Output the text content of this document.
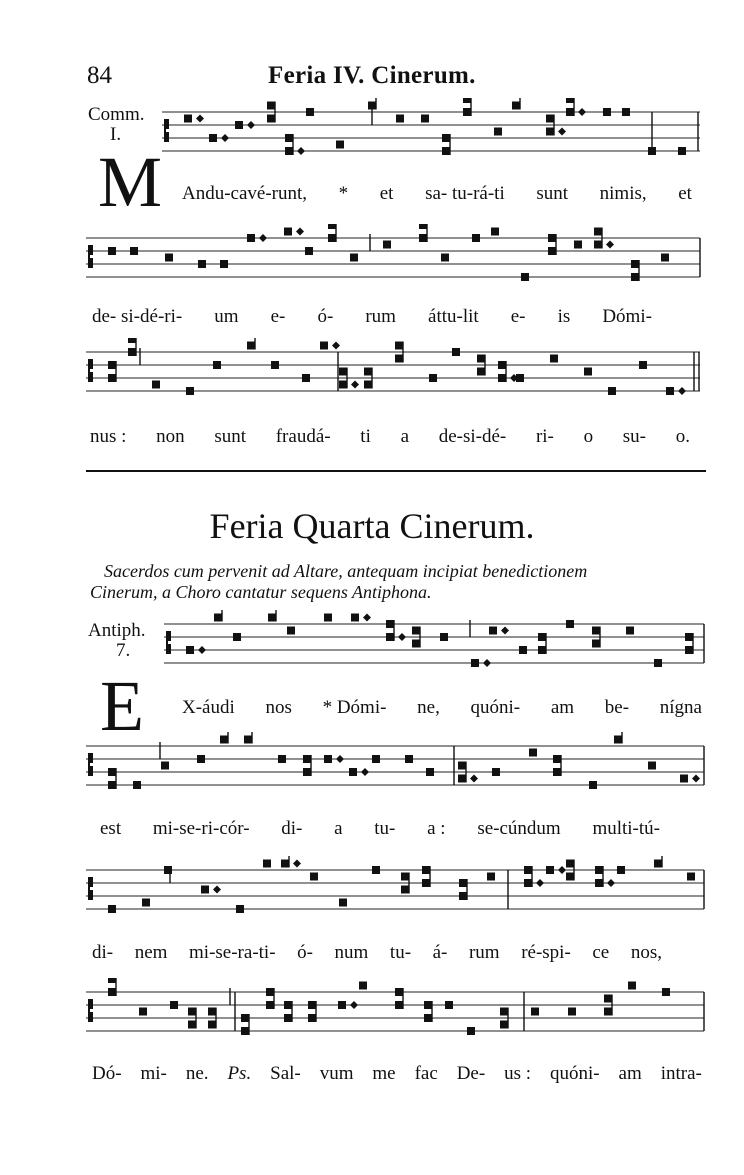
84	Feria IV. Cinerum.
Comm.
I.
M Andu-cavé-runt, * et sa- tu-rá-ti sunt nimis, et
de- si-dé-ri- um e- ó- rum áttu-lit e- is Dómi-
nus : non sunt fraudá- ti a de-si-dé- ri- o su- o.
Feria Quarta Cinerum.
Sacerdos cum pervenit ad Altare, antequam incipiat benedictionem
Cinerum, a Choro cantatur sequens Antiphona.
Antiph.
7.
E X-áudi nos * Dómi- ne, quóni- am be- nígna
est mi-se-ri-cór- di- a tu- a : se-cúndum multi-tú-
di- nem mi-se-ra-ti- ó- num tu- á- rum ré-spi- ce nos,
Dó- mi- ne. Ps. Sal- vum me fac De- us : quóni- am intra-
